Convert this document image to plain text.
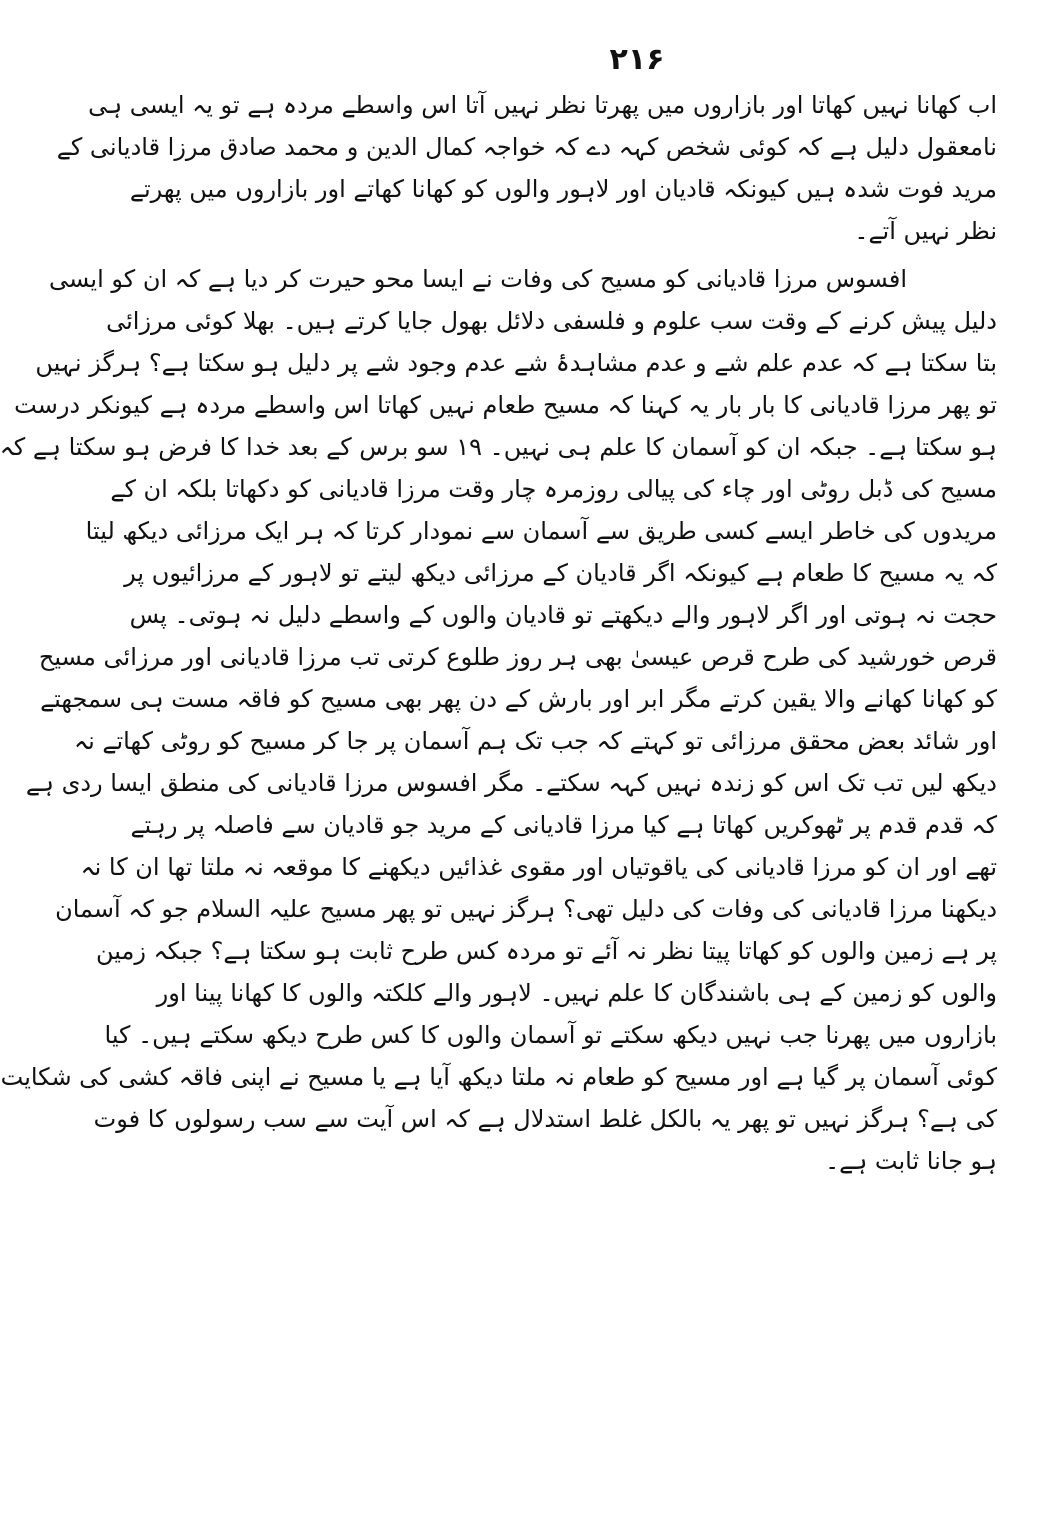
۲۱۶
اب کھانا نہیں کھاتا اور بازاروں میں پھرتا نظر نہیں آتا اس واسطے مردہ ہے تو یہ ایسی ہی
نامعقول دلیل ہے کہ کوئی شخص کہہ دے کہ خواجہ کمال الدین و محمد صادق مرزا قادیانی کے
مرید فوت شدہ ہیں کیونکہ قادیان اور لاہور والوں کو کھانا کھاتے اور بازاروں میں پھرتے
نظر نہیں آتے۔
افسوس مرزا قادیانی کو مسیح کی وفات نے ایسا محو حیرت کر دیا ہے کہ ان کو ایسی
دلیل پیش کرنے کے وقت سب علوم و فلسفی دلائل بھول جایا کرتے ہیں۔ بھلا کوئی مرزائی
بتا سکتا ہے کہ عدم علم شے و عدم مشاہدۂ شے عدم وجود شے پر دلیل ہو سکتا ہے؟ ہرگز نہیں
تو پھر مرزا قادیانی کا بار بار یہ کہنا کہ مسیح طعام نہیں کھاتا اس واسطے مردہ ہے کیونکر درست
ہو سکتا ہے۔ جبکہ ان کو آسمان کا علم ہی نہیں۔ ۱۹ سو برس کے بعد خدا کا فرض ہو سکتا ہے کہ
مسیح کی ڈبل روٹی اور چاء کی پیالی روزمرہ چار وقت مرزا قادیانی کو دکھاتا بلکہ ان کے
مریدوں کی خاطر ایسے کسی طریق سے آسمان سے نمودار کرتا کہ ہر ایک مرزائی دیکھ لیتا
کہ یہ مسیح کا طعام ہے کیونکہ اگر قادیان کے مرزائی دیکھ لیتے تو لاہور کے مرزائیوں پر
حجت نہ ہوتی اور اگر لاہور والے دیکھتے تو قادیان والوں کے واسطے دلیل نہ ہوتی۔ پس
قرص خورشید کی طرح قرص عیسیٰ بھی ہر روز طلوع کرتی تب مرزا قادیانی اور مرزائی مسیح
کو کھانا کھانے والا یقین کرتے مگر ابر اور بارش کے دن پھر بھی مسیح کو فاقہ مست ہی سمجھتے
اور شائد بعض محقق مرزائی تو کہتے کہ جب تک ہم آسمان پر جا کر مسیح کو روٹی کھاتے نہ
دیکھ لیں تب تک اس کو زندہ نہیں کہہ سکتے۔ مگر افسوس مرزا قادیانی کی منطق ایسا ردی ہے
کہ قدم قدم پر ٹھوکریں کھاتا ہے کیا مرزا قادیانی کے مرید جو قادیان سے فاصلہ پر رہتے
تھے اور ان کو مرزا قادیانی کی یاقوتیاں اور مقوی غذائیں دیکھنے کا موقعہ نہ ملتا تھا ان کا نہ
دیکھنا مرزا قادیانی کی وفات کی دلیل تھی؟ ہرگز نہیں تو پھر مسیح علیہ السلام جو کہ آسمان
پر ہے زمین والوں کو کھاتا پیتا نظر نہ آئے تو مردہ کس طرح ثابت ہو سکتا ہے؟ جبکہ زمین
والوں کو زمین کے ہی باشندگان کا علم نہیں۔ لاہور والے کلکتہ والوں کا کھانا پینا اور
بازاروں میں پھرنا جب نہیں دیکھ سکتے تو آسمان والوں کا کس طرح دیکھ سکتے ہیں۔ کیا
کوئی آسمان پر گیا ہے اور مسیح کو طعام نہ ملتا دیکھ آیا ہے یا مسیح نے اپنی فاقہ کشی کی شکایت
کی ہے؟ ہرگز نہیں تو پھر یہ بالکل غلط استدلال ہے کہ اس آیت سے سب رسولوں کا فوت
ہو جانا ثابت ہے۔
